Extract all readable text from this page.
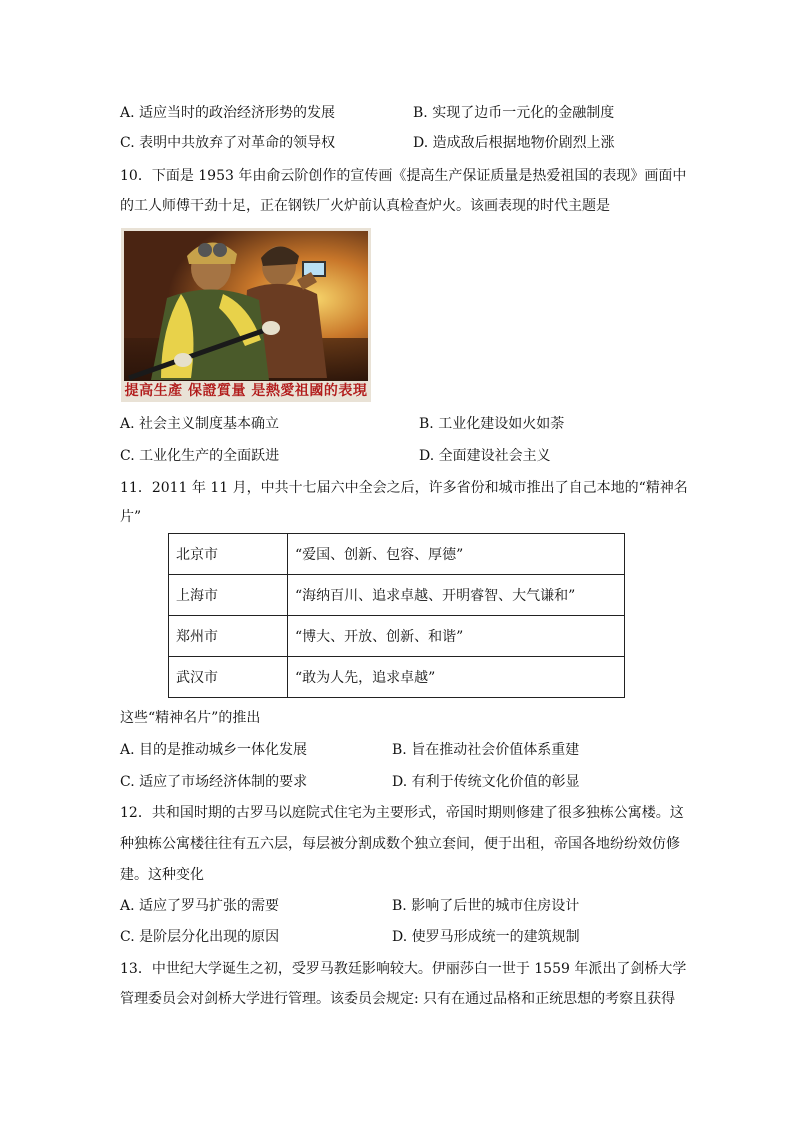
A. 适应当时的政治经济形势的发展	B. 实现了边币一元化的金融制度
C. 表明中共放弃了对革命的领导权	D. 造成敌后根据地物价剧烈上涨
10．下面是 1953 年由俞云阶创作的宣传画《提高生产保证质量是热爱祖国的表现》画面中
的工人师傅干劲十足，正在钢铁厂火炉前认真检查炉火。该画表现的时代主题是
提高生產 保證質量 是熱愛祖國的表現
A. 社会主义制度基本确立	B. 工业化建设如火如荼
C. 工业化生产的全面跃进	D. 全面建设社会主义
11．2011 年 11 月，中共十七届六中全会之后，许多省份和城市推出了自己本地的“精神名
片”
北京市	“爱国、创新、包容、厚德”
上海市	“海纳百川、追求卓越、开明睿智、大气谦和”
郑州市	“博大、开放、创新、和谐”
武汉市	“敢为人先，追求卓越”
这些“精神名片”的推出
A. 目的是推动城乡一体化发展	B. 旨在推动社会价值体系重建
C. 适应了市场经济体制的要求	D. 有利于传统文化价值的彰显
12．共和国时期的古罗马以庭院式住宅为主要形式，帝国时期则修建了很多独栋公寓楼。这
种独栋公寓楼往往有五六层，每层被分割成数个独立套间，便于出租，帝国各地纷纷效仿修
建。这种变化
A. 适应了罗马扩张的需要	B. 影响了后世的城市住房设计
C. 是阶层分化出现的原因	D. 使罗马形成统一的建筑规制
13．中世纪大学诞生之初，受罗马教廷影响较大。伊丽莎白一世于 1559 年派出了剑桥大学
管理委员会对剑桥大学进行管理。该委员会规定: 只有在通过品格和正统思想的考察且获得
